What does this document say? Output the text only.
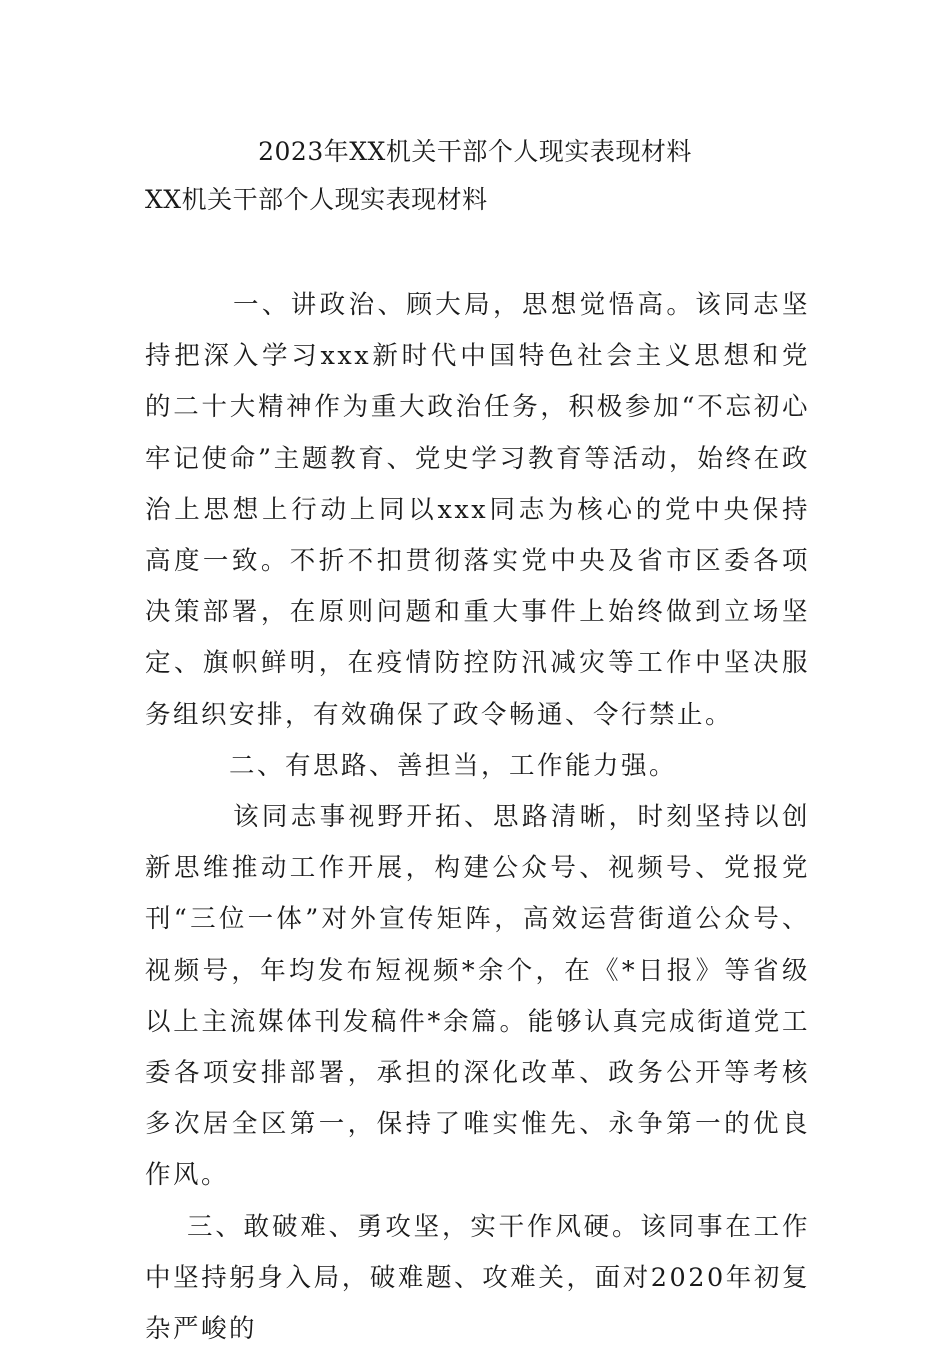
2023年XX机关干部个人现实表现材料
XX机关干部个人现实表现材料

一、讲政治、顾大局，思想觉悟高。该同志坚持把深入学习xxx新时代中国特色社会主义思想和党的二十大精神作为重大政治任务，积极参加“不忘初心 牢记使命”主题教育、党史学习教育等活动，始终在政治上思想上行动上同以xxx同志为核心的党中央保持高度一致。不折不扣贯彻落实党中央及省市区委各项决策部署，在原则问题和重大事件上始终做到立场坚定、旗帜鲜明，在疫情防控防汛减灾等工作中坚决服务组织安排，有效确保了政令畅通、令行禁止。

二、有思路、善担当，工作能力强。

该同志事视野开拓、思路清晰，时刻坚持以创新思维推动工作开展，构建公众号、视频号、党报党刊“三位一体”对外宣传矩阵，高效运营街道公众号、视频号，年均发布短视频*余个，在《*日报》等省级以上主流媒体刊发稿件*余篇。能够认真完成街道党工委各项安排部署，承担的深化改革、政务公开等考核多次居全区第一，保持了唯实惟先、永争第一的优良作风。

三、敢破难、勇攻坚，实干作风硬。该同事在工作中坚持躬身入局，破难题、攻难关，面对2020年初复杂严峻的
